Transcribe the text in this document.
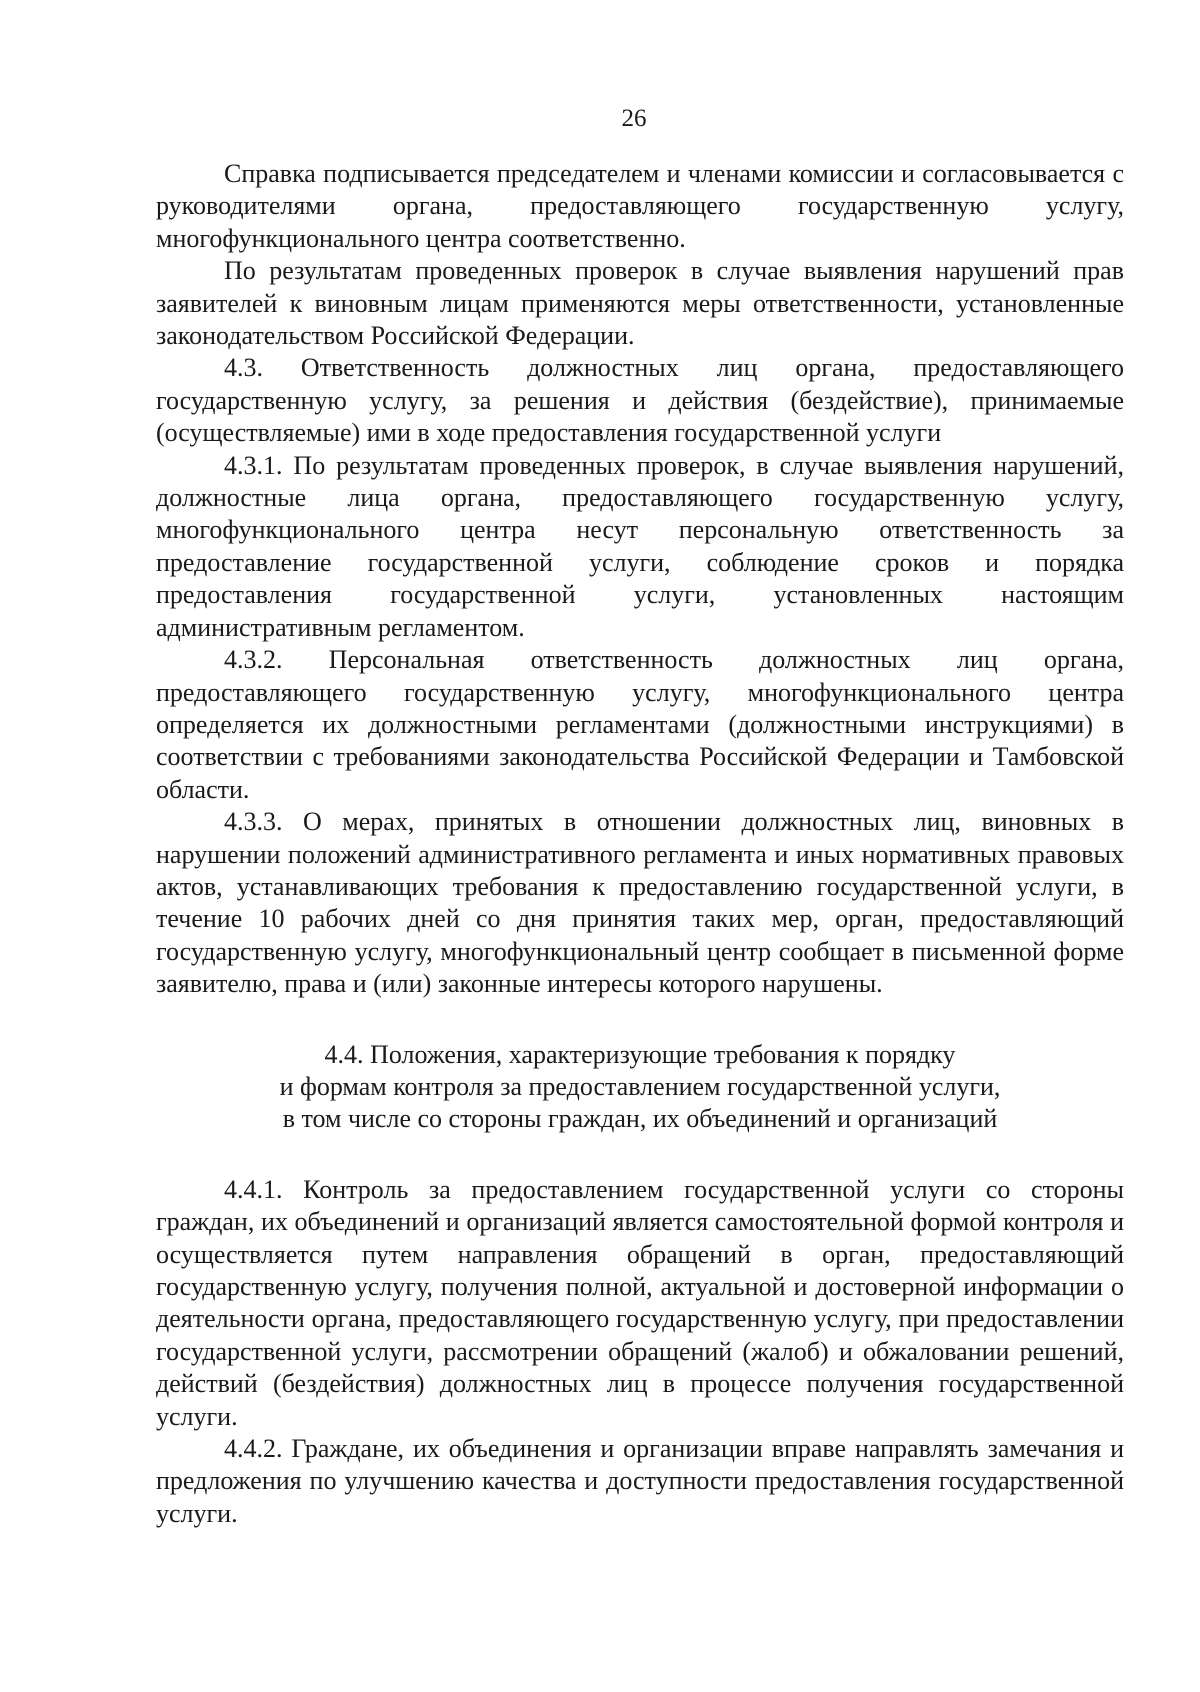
26

Справка подписывается председателем и членами комиссии и согласовывается с руководителями органа, предоставляющего государственную услугу, многофункционального центра соответственно.

По результатам проведенных проверок в случае выявления нарушений прав заявителей к виновным лицам применяются меры ответственности, установленные законодательством Российской Федерации.

4.3. Ответственность должностных лиц органа, предоставляющего государственную услугу, за решения и действия (бездействие), принимаемые (осуществляемые) ими в ходе предоставления государственной услуги

4.3.1. По результатам проведенных проверок, в случае выявления нарушений, должностные лица органа, предоставляющего государственную услугу, многофункционального центра несут персональную ответственность за предоставление государственной услуги, соблюдение сроков и порядка предоставления государственной услуги, установленных настоящим административным регламентом.

4.3.2. Персональная ответственность должностных лиц органа, предоставляющего государственную услугу, многофункционального центра определяется их должностными регламентами (должностными инструкциями) в соответствии с требованиями законодательства Российской Федерации и Тамбовской области.

4.3.3. О мерах, принятых в отношении должностных лиц, виновных в нарушении положений административного регламента и иных нормативных правовых актов, устанавливающих требования к предоставлению государственной услуги, в течение 10 рабочих дней со дня принятия таких мер, орган, предоставляющий государственную услугу, многофункциональный центр сообщает в письменной форме заявителю, права и (или) законные интересы которого нарушены.

4.4. Положения, характеризующие требования к порядку
и формам контроля за предоставлением государственной услуги,
в том числе со стороны граждан, их объединений и организаций

4.4.1. Контроль за предоставлением государственной услуги со стороны граждан, их объединений и организаций является самостоятельной формой контроля и осуществляется путем направления обращений в орган, предоставляющий государственную услугу, получения полной, актуальной и достоверной информации о деятельности органа, предоставляющего государственную услугу, при предоставлении государственной услуги, рассмотрении обращений (жалоб) и обжаловании решений, действий (бездействия) должностных лиц в процессе получения государственной услуги.

4.4.2. Граждане, их объединения и организации вправе направлять замечания и предложения по улучшению качества и доступности предоставления государственной услуги.
